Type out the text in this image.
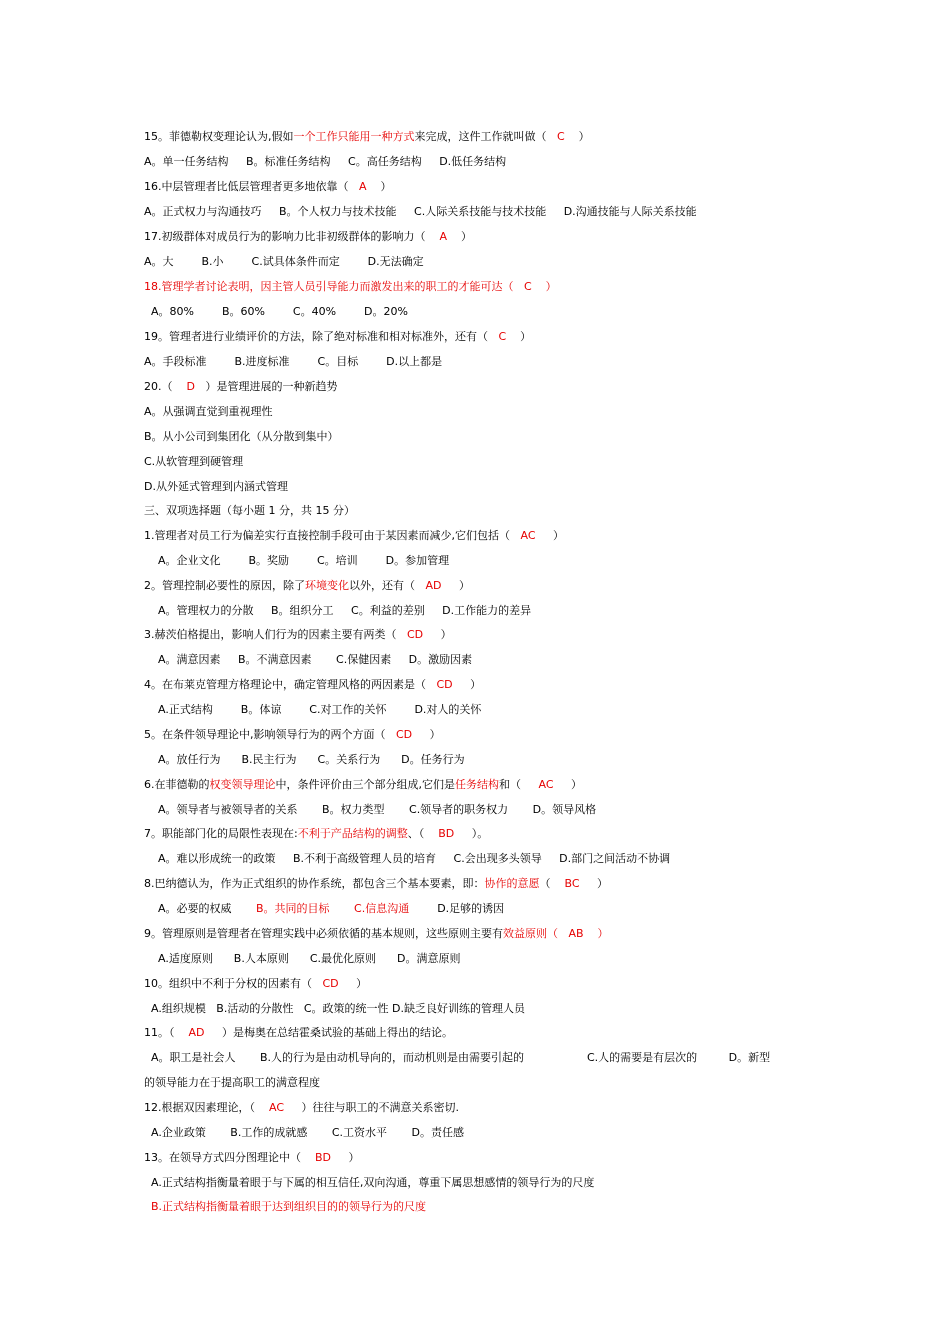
15。菲德勒权变理论认为,假如一个工作只能用一种方式来完成，这件工作就叫做（   C    ）
A。单一任务结构     B。标准任务结构     C。高任务结构     D.低任务结构
16.中层管理者比低层管理者更多地依靠（   A    ）
A。正式权力与沟通技巧     B。个人权力与技术技能     C.人际关系技能与技术技能     D.沟通技能与人际关系技能
17.初级群体对成员行为的影响力比非初级群体的影响力（    A    ）
A。大        B.小        C.试具体条件而定        D.无法确定
18.管理学者讨论表明，因主管人员引导能力而激发出来的职工的才能可达（   C    ）
A。80%        B。60%        C。40%        D。20%
19。管理者进行业绩评价的方法，除了绝对标准和相对标准外，还有（   C    ）
A。手段标准        B.进度标准        C。目标        D.以上都是
20.（    D   ）是管理进展的一种新趋势
A。从强调直觉到重视理性
B。从小公司到集团化（从分散到集中）
C.从软管理到硬管理
D.从外延式管理到内涵式管理
三、双项选择题（每小题 1 分，共 15 分）
1.管理者对员工行为偏差实行直接控制手段可由于某因素而减少,它们包括（   AC     ）
A。企业文化        B。奖励        C。培训        D。参加管理
2。管理控制必要性的原因，除了环境变化以外，还有（   AD     ）
A。管理权力的分散     B。组织分工     C。利益的差别     D.工作能力的差异
3.赫茨伯格提出，影响人们行为的因素主要有两类（   CD     ）
A。满意因素     B。不满意因素       C.保健因素     D。激励因素
4。在布莱克管理方格理论中，确定管理风格的两因素是（   CD     ）
A.正式结构        B。体谅        C.对工作的关怀        D.对人的关怀
5。在条件领导理论中,影响领导行为的两个方面（   CD     ）
A。放任行为      B.民主行为      C。关系行为      D。任务行为
6.在菲德勒的权变领导理论中，条件评价由三个部分组成,它们是任务结构和（     AC     ）
A。领导者与被领导者的关系       B。权力类型       C.领导者的职务权力       D。领导风格
7。职能部门化的局限性表现在:不利于产品结构的调整、（    BD     ）。
A。难以形成统一的政策     B.不利于高级管理人员的培育     C.会出现多头领导     D.部门之间活动不协调
8.巴纳德认为，作为正式组织的协作系统，都包含三个基本要素，即：协作的意愿（    BC     ）
A。必要的权威       B。共同的目标 C.信息沟通        D.足够的诱因
9。管理原则是管理者在管理实践中必须依循的基本规则，这些原则主要有效益原则（   AB    ）
A.适度原则      B.人本原则      C.最优化原则      D。满意原则
10。组织中不利于分权的因素有（   CD     ）
A.组织规模   B.活动的分散性   C。政策的统一性 D.缺乏良好训练的管理人员
11。（    AD     ）是梅奥在总结霍桑试验的基础上得出的结论。
A。职工是社会人       B.人的行为是由动机导向的，而动机则是由需要引起的                  C.人的需要是有层次的         D。新型
的领导能力在于提高职工的满意程度
12.根据双因素理论，（    AC     ）往往与职工的不满意关系密切.
A.企业政策       B.工作的成就感       C.工资水平       D。责任感
13。在领导方式四分图理论中（    BD     ）
A.正式结构指衡量着眼于与下属的相互信任,双向沟通，尊重下属思想感情的领导行为的尺度
B.正式结构指衡量着眼于达到组织目的的领导行为的尺度
